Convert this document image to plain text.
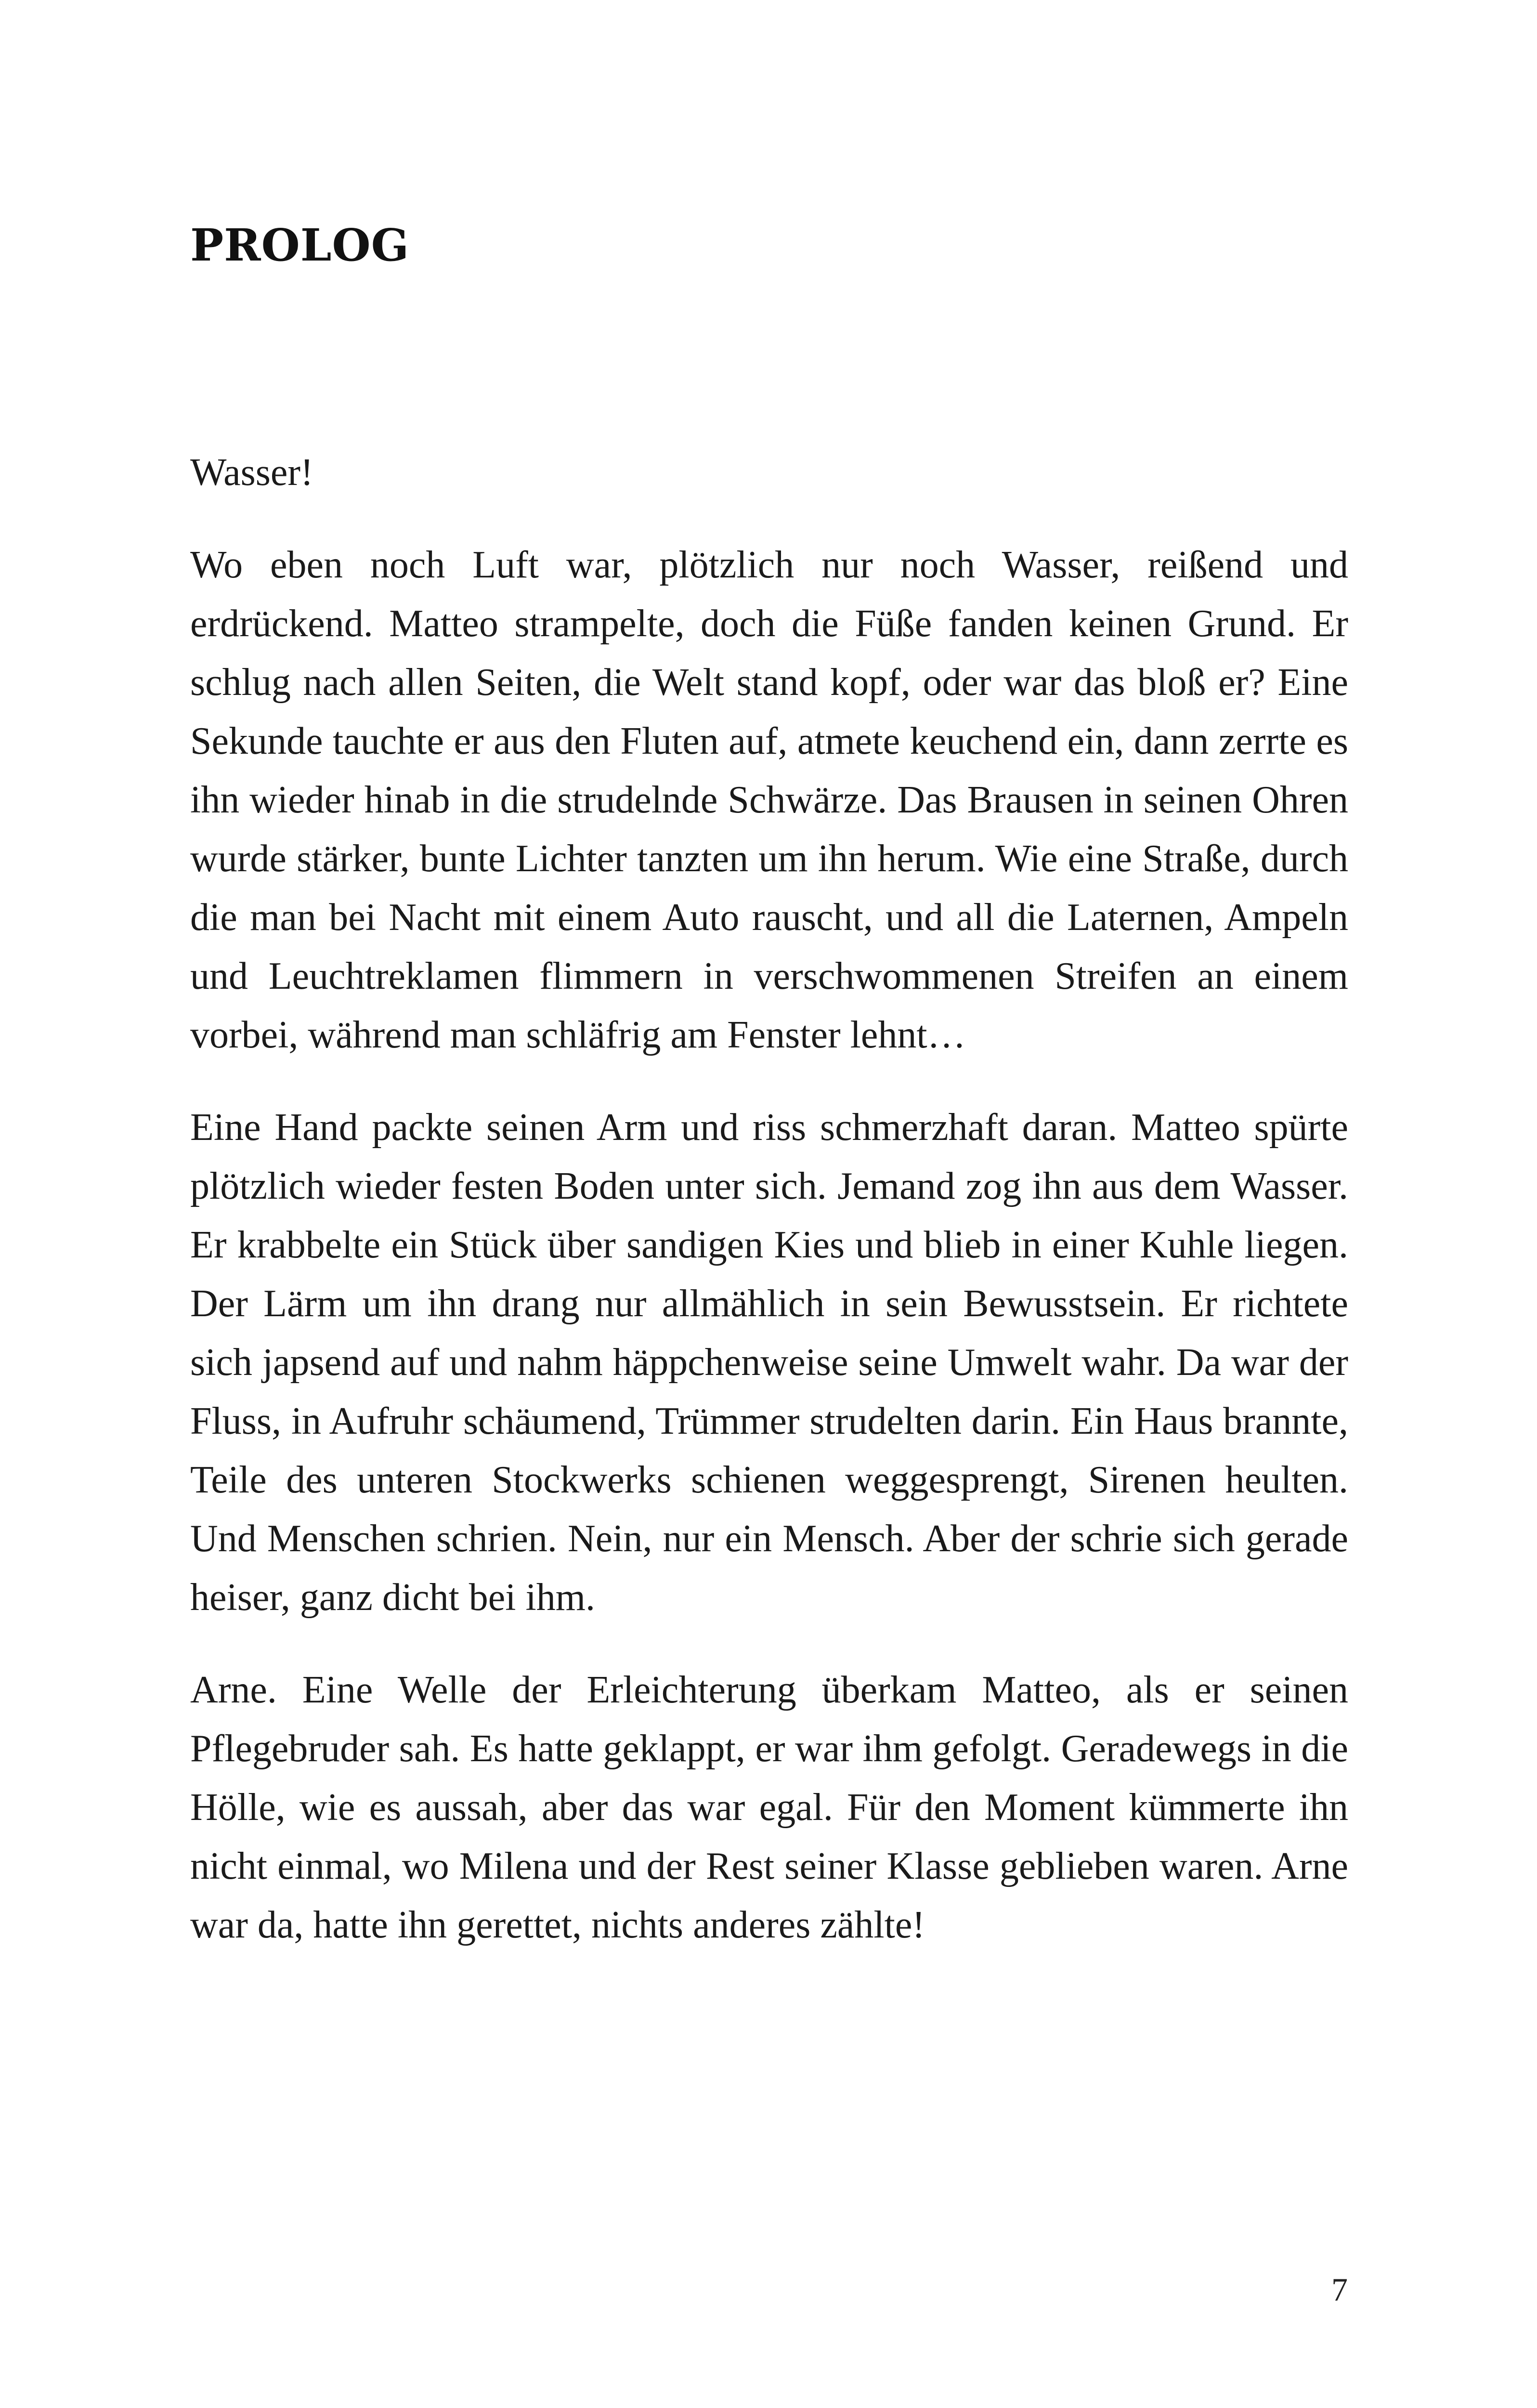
PROLOG

Wasser!

Wo eben noch Luft war, plötzlich nur noch Wasser, reißend und erdrückend. Matteo strampelte, doch die Füße fanden keinen Grund. Er schlug nach allen Seiten, die Welt stand kopf, oder war das bloß er? Eine Sekunde tauchte er aus den Fluten auf, atmete keuchend ein, dann zerrte es ihn wieder hinab in die strudelnde Schwärze. Das Brausen in seinen Ohren wurde stärker, bunte Lichter tanzten um ihn herum. Wie eine Straße, durch die man bei Nacht mit einem Auto rauscht, und all die Laternen, Ampeln und Leuchtreklamen flimmern in verschwommenen Streifen an einem vorbei, während man schläfrig am Fenster lehnt…

Eine Hand packte seinen Arm und riss schmerzhaft daran. Matteo spürte plötzlich wieder festen Boden unter sich. Jemand zog ihn aus dem Wasser. Er krabbelte ein Stück über sandigen Kies und blieb in einer Kuhle liegen. Der Lärm um ihn drang nur allmählich in sein Bewusstsein. Er richtete sich japsend auf und nahm häppchenweise seine Umwelt wahr. Da war der Fluss, in Aufruhr schäumend, Trümmer strudelten darin. Ein Haus brannte, Teile des unteren Stockwerks schienen weggesprengt, Sirenen heulten. Und Menschen schrien. Nein, nur ein Mensch. Aber der schrie sich gerade heiser, ganz dicht bei ihm.

Arne. Eine Welle der Erleichterung überkam Matteo, als er seinen Pflegebruder sah. Es hatte geklappt, er war ihm gefolgt. Geradewegs in die Hölle, wie es aussah, aber das war egal. Für den Moment kümmerte ihn nicht einmal, wo Milena und der Rest seiner Klasse geblieben waren. Arne war da, hatte ihn gerettet, nichts anderes zählte!

7
